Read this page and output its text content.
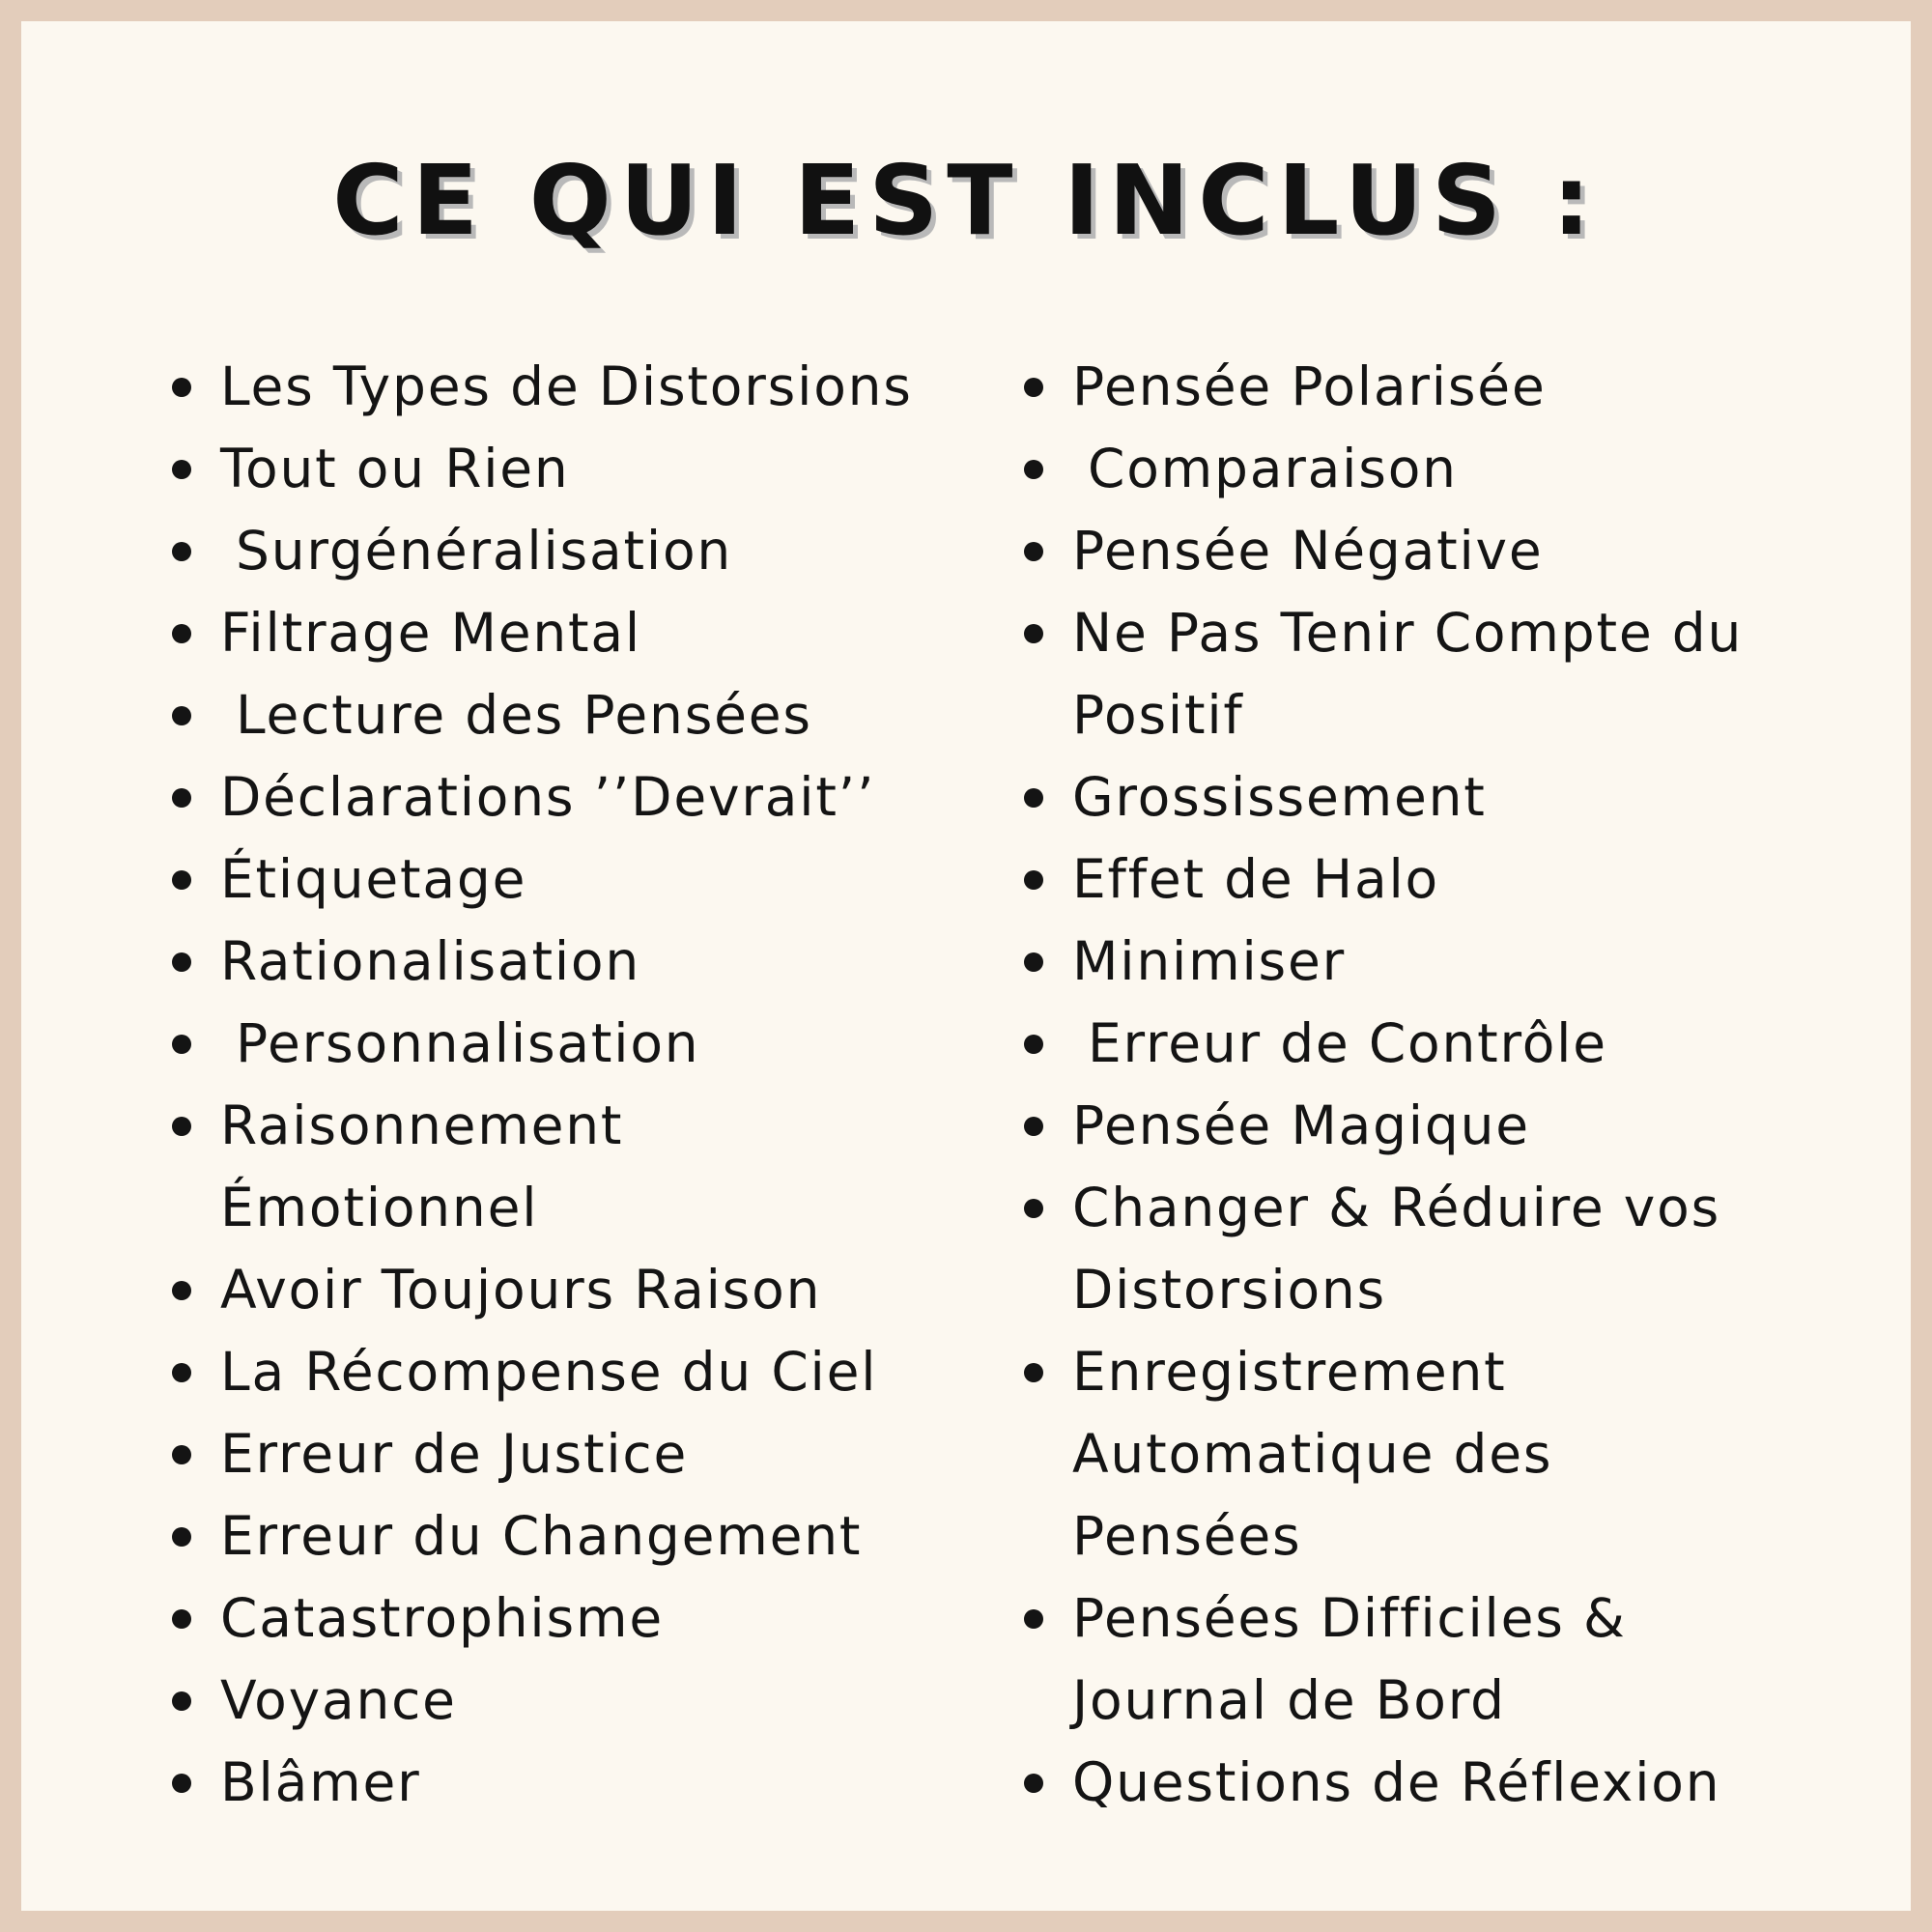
CE QUI EST INCLUS :
Les Types de Distorsions
Tout ou Rien
Surgénéralisation
Filtrage Mental
Lecture des Pensées
Déclarations ’’Devrait’’
Étiquetage
Rationalisation
Personnalisation
Raisonnement
Émotionnel
Avoir Toujours Raison
La Récompense du Ciel
Erreur de Justice
Erreur du Changement
Catastrophisme
Voyance
Blâmer
Pensée Polarisée
Comparaison
Pensée Négative
Ne Pas Tenir Compte du
Positif
Grossissement
Effet de Halo
Minimiser
Erreur de Contrôle
Pensée Magique
Changer & Réduire vos
Distorsions
Enregistrement
Automatique des
Pensées
Pensées Difficiles &
Journal de Bord
Questions de Réflexion
